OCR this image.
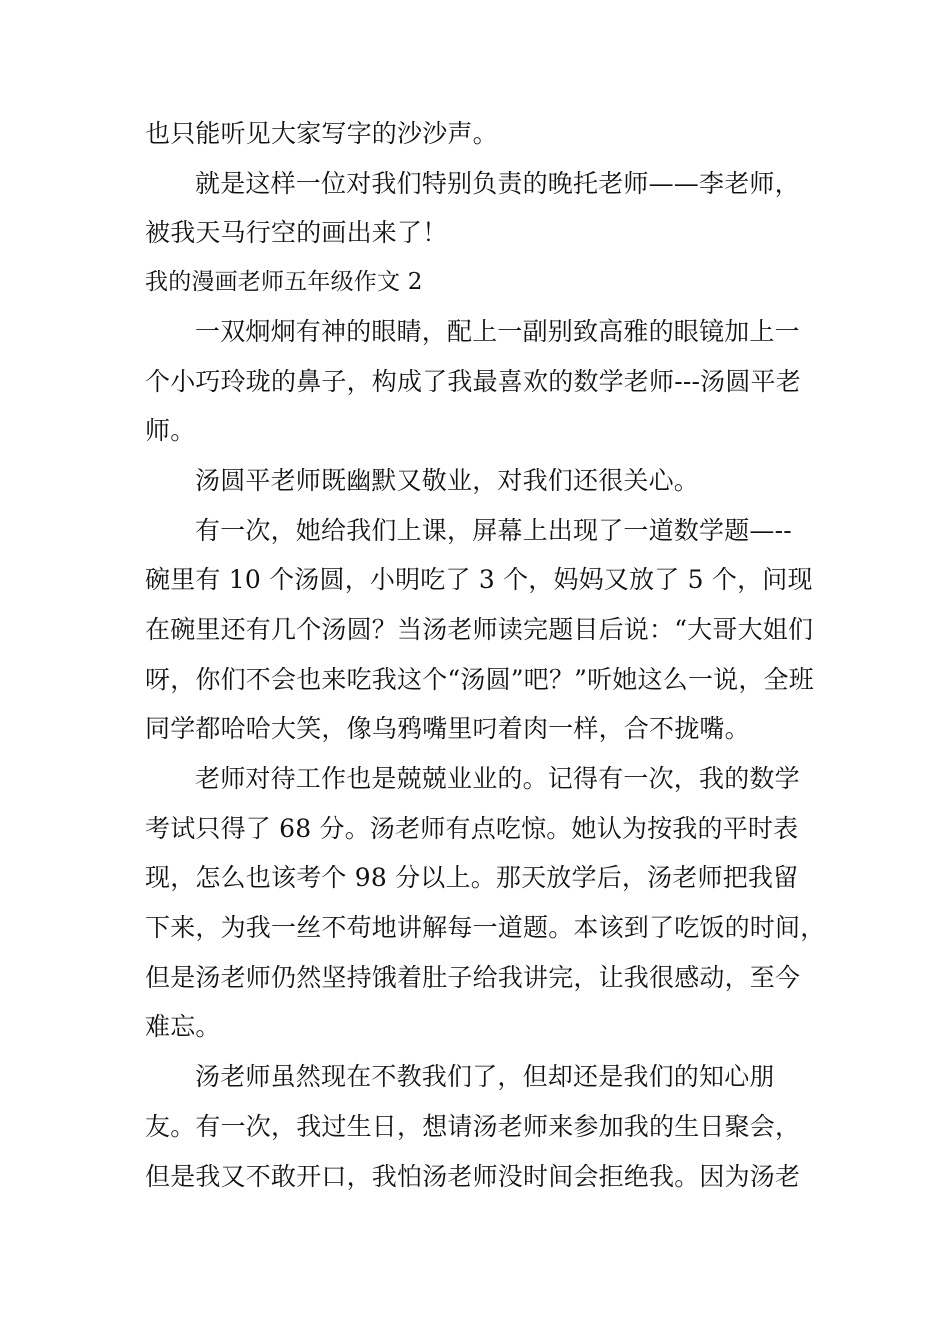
也只能听见大家写字的沙沙声。
就是这样一位对我们特别负责的晚托老师——李老师，
被我天马行空的画出来了！
我的漫画老师五年级作文 2
一双炯炯有神的眼睛，配上一副别致高雅的眼镜加上一
个小巧玲珑的鼻子，构成了我最喜欢的数学老师---汤圆平老
师。
汤圆平老师既幽默又敬业，对我们还很关心。
有一次，她给我们上课，屏幕上出现了一道数学题—--
碗里有 10 个汤圆，小明吃了 3 个，妈妈又放了 5 个，问现
在碗里还有几个汤圆？当汤老师读完题目后说：“大哥大姐们
呀，你们不会也来吃我这个“汤圆”吧？”听她这么一说，全班
同学都哈哈大笑，像乌鸦嘴里叼着肉一样，合不拢嘴。
老师对待工作也是兢兢业业的。记得有一次，我的数学
考试只得了 68 分。汤老师有点吃惊。她认为按我的平时表
现，怎么也该考个 98 分以上。那天放学后，汤老师把我留
下来，为我一丝不苟地讲解每一道题。本该到了吃饭的时间，
但是汤老师仍然坚持饿着肚子给我讲完，让我很感动，至今
难忘。
汤老师虽然现在不教我们了，但却还是我们的知心朋
友。有一次，我过生日，想请汤老师来参加我的生日聚会，
但是我又不敢开口，我怕汤老师没时间会拒绝我。因为汤老
